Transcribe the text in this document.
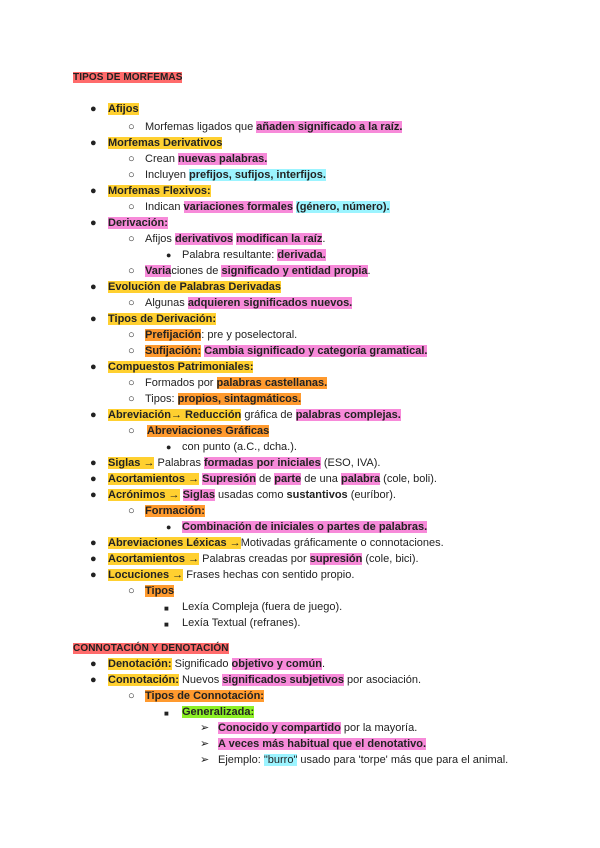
TIPOS DE MORFEMAS
CONNOTACIÓN Y DENOTACIÓN
● Afijos
○ Morfemas ligados que añaden significado a la raíz.
● Morfemas Derivativos
○ Crean nuevas palabras.
○ Incluyen prefijos, sufijos, interfijos.
● Morfemas Flexivos:
○ Indican variaciones formales (género, número).
● Derivación:
○ Afijos derivativos modifican la raíz.
● Palabra resultante: derivada.
○ Variaciones de significado y entidad propia.
● Evolución de Palabras Derivadas
○ Algunas adquieren significados nuevos.
● Tipos de Derivación:
○ Prefijación: pre y poselectoral.
○ Sufijación: Cambia significado y categoría gramatical.
● Compuestos Patrimoniales:
○ Formados por palabras castellanas.
○ Tipos: propios, sintagmáticos.
● Abreviación→ Reducción gráfica de palabras complejas.
○ Abreviaciones Gráficas
● con punto (a.C., dcha.).
● Siglas → Palabras formadas por iniciales (ESO, IVA).
● Acortamientos → Supresión de parte de una palabra (cole, boli).
● Acrónimos → Siglas usadas como sustantivos (euríbor).
○ Formación:
● Combinación de iniciales o partes de palabras.
● Abreviaciones Léxicas →Motivadas gráficamente o connotaciones.
● Acortamientos → Palabras creadas por supresión (cole, bici).
● Locuciones → Frases hechas con sentido propio.
○ Tipos
■ Lexía Compleja (fuera de juego).
■ Lexía Textual (refranes).
● Denotación: Significado objetivo y común.
● Connotación: Nuevos significados subjetivos por asociación.
○ Tipos de Connotación:
■ Generalizada:
➢ Conocido y compartido por la mayoría.
➢ A veces más habitual que el denotativo.
➢ Ejemplo: "burro" usado para 'torpe' más que para el animal.
